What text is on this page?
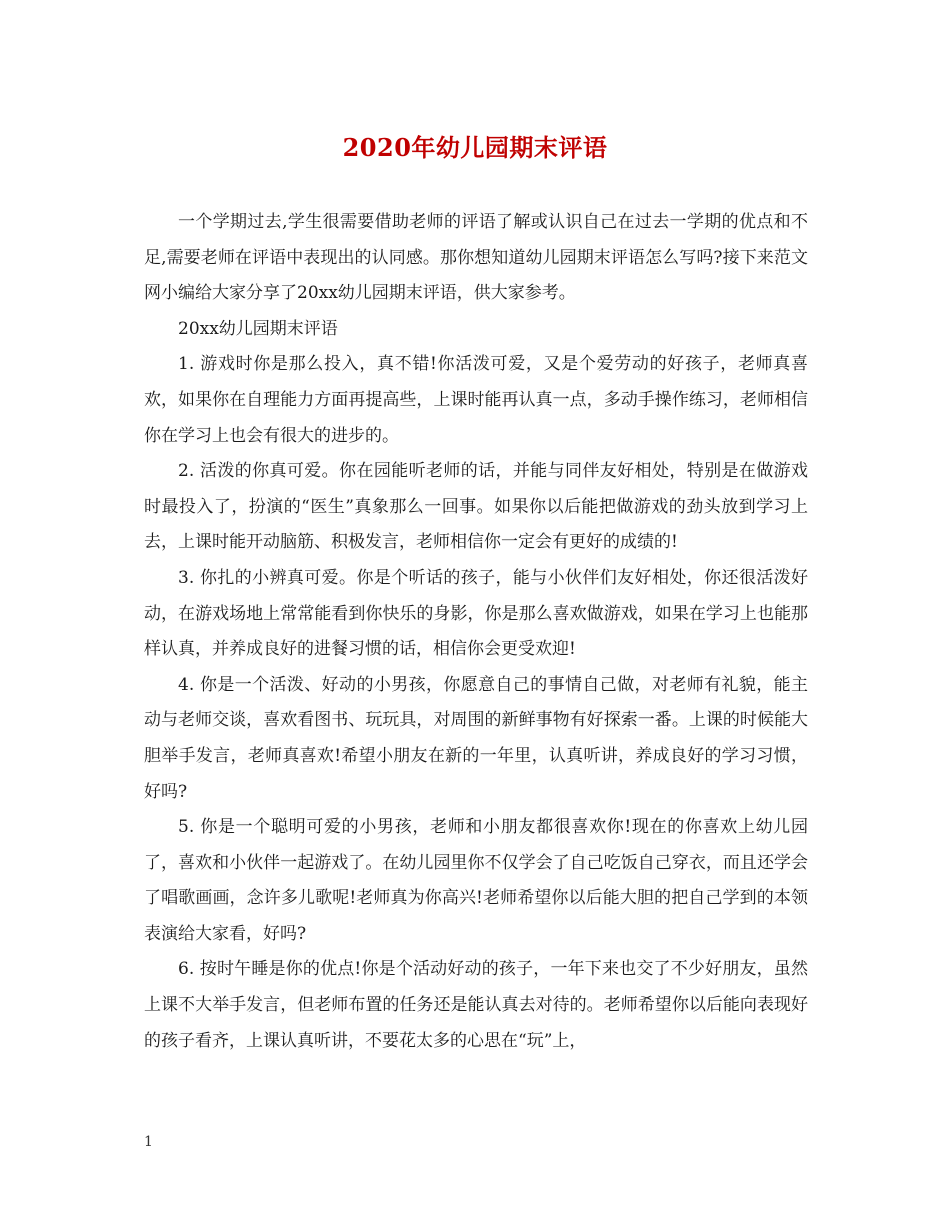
2020年幼儿园期末评语

一个学期过去,学生很需要借助老师的评语了解或认识自己在过去一学期的优点和不足,需要老师在评语中表现出的认同感。那你想知道幼儿园期末评语怎么写吗?接下来范文网小编给大家分享了20xx幼儿园期末评语，供大家参考。

20xx幼儿园期末评语

1. 游戏时你是那么投入，真不错!你活泼可爱，又是个爱劳动的好孩子，老师真喜欢，如果你在自理能力方面再提高些，上课时能再认真一点，多动手操作练习，老师相信你在学习上也会有很大的进步的。

2. 活泼的你真可爱。你在园能听老师的话，并能与同伴友好相处，特别是在做游戏时最投入了，扮演的“医生”真象那么一回事。如果你以后能把做游戏的劲头放到学习上去，上课时能开动脑筋、积极发言，老师相信你一定会有更好的成绩的!

3. 你扎的小辨真可爱。你是个听话的孩子，能与小伙伴们友好相处，你还很活泼好动，在游戏场地上常常能看到你快乐的身影，你是那么喜欢做游戏，如果在学习上也能那样认真，并养成良好的进餐习惯的话，相信你会更受欢迎!

4. 你是一个活泼、好动的小男孩，你愿意自己的事情自己做，对老师有礼貌，能主动与老师交谈，喜欢看图书、玩玩具，对周围的新鲜事物有好探索一番。上课的时候能大胆举手发言，老师真喜欢!希望小朋友在新的一年里，认真听讲，养成良好的学习习惯，好吗?

5. 你是一个聪明可爱的小男孩，老师和小朋友都很喜欢你!现在的你喜欢上幼儿园了，喜欢和小伙伴一起游戏了。在幼儿园里你不仅学会了自己吃饭自己穿衣，而且还学会了唱歌画画，念许多儿歌呢!老师真为你高兴!老师希望你以后能大胆的把自己学到的本领表演给大家看，好吗?

6. 按时午睡是你的优点!你是个活动好动的孩子，一年下来也交了不少好朋友，虽然上课不大举手发言，但老师布置的任务还是能认真去对待的。老师希望你以后能向表现好的孩子看齐，上课认真听讲，不要花太多的心思在“玩”上，

1
